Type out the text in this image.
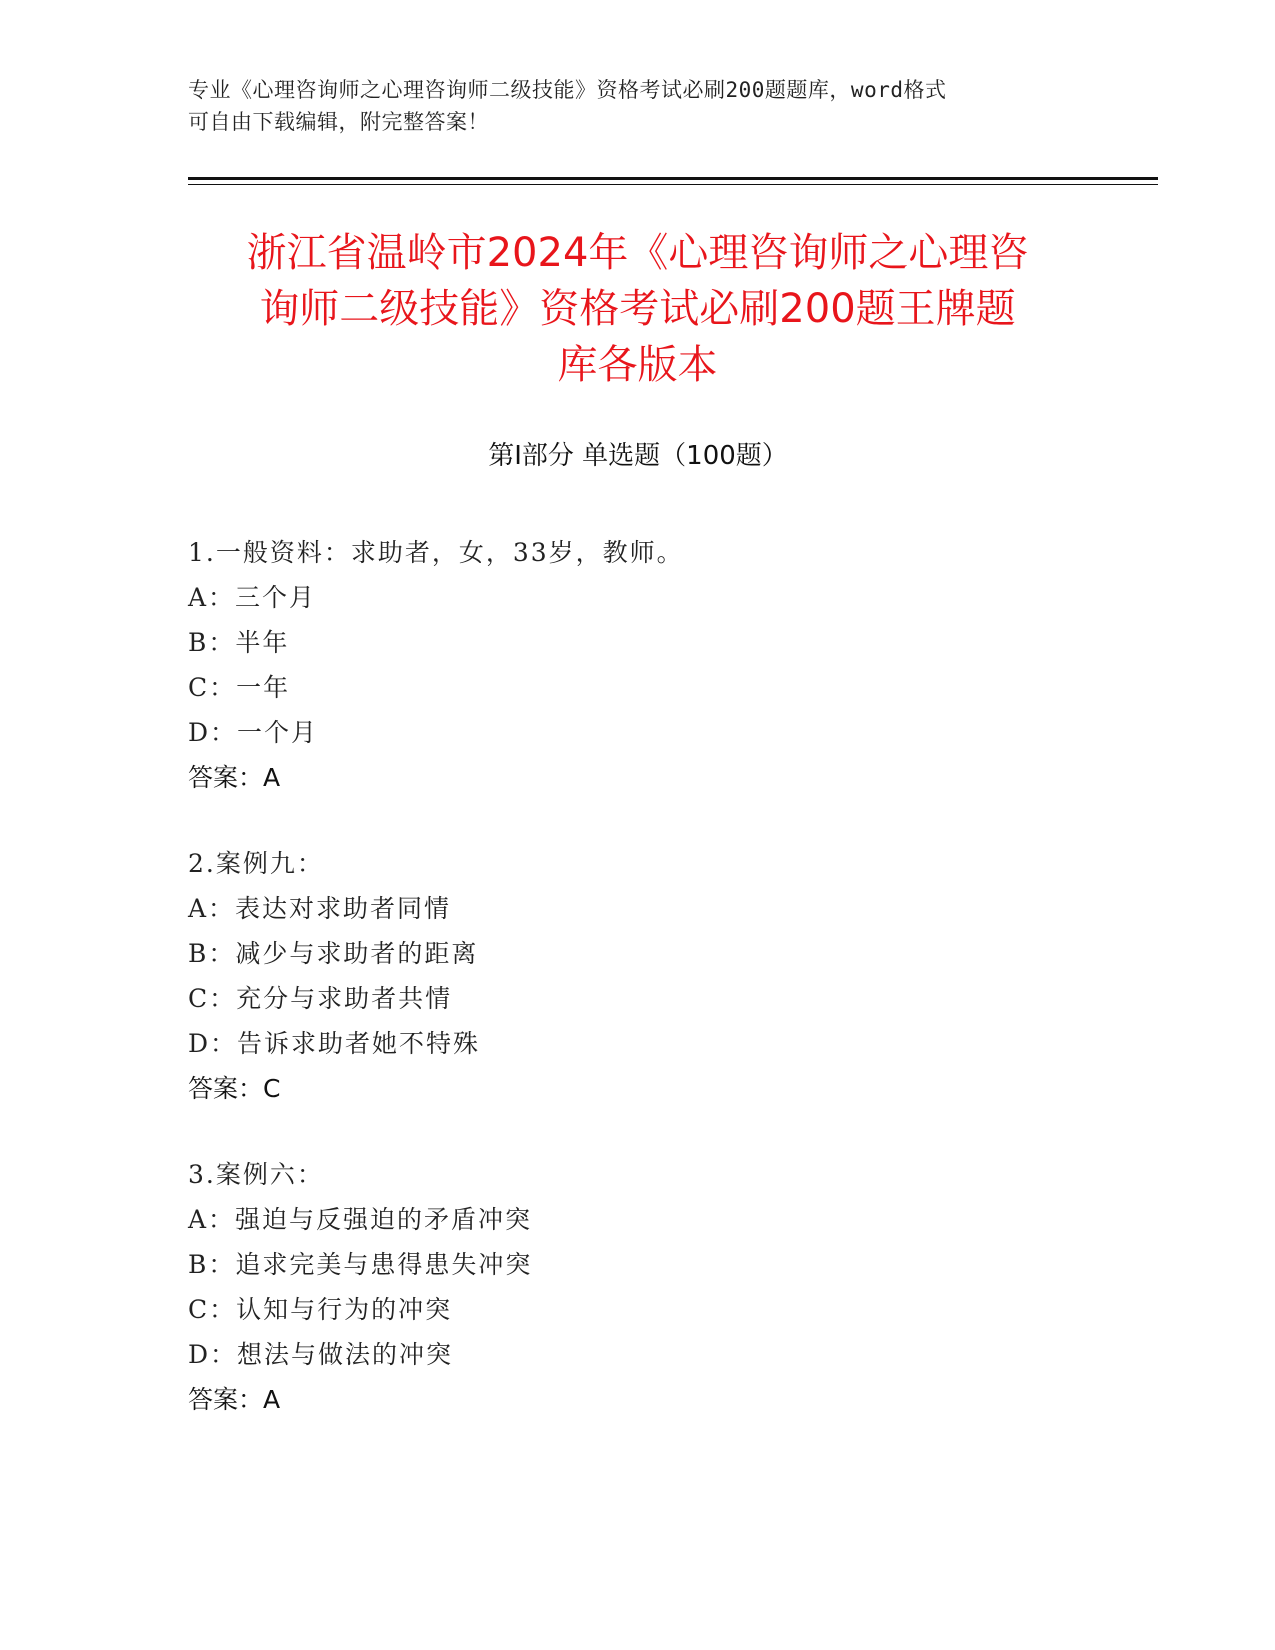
专业《心理咨询师之心理咨询师二级技能》资格考试必刷200题题库，word格式
可自由下载编辑，附完整答案！
浙江省温岭市2024年《心理咨询师之心理咨
询师二级技能》资格考试必刷200题王牌题
库各版本
第Ⅰ部分 单选题（100题）
1.一般资料：求助者，女，33岁，教师。
A：三个月
B：半年
C：一年
D：一个月
答案：A
2.案例九：
A：表达对求助者同情
B：减少与求助者的距离
C：充分与求助者共情
D：告诉求助者她不特殊
答案：C
3.案例六：
A：强迫与反强迫的矛盾冲突
B：追求完美与患得患失冲突
C：认知与行为的冲突
D：想法与做法的冲突
答案：A
